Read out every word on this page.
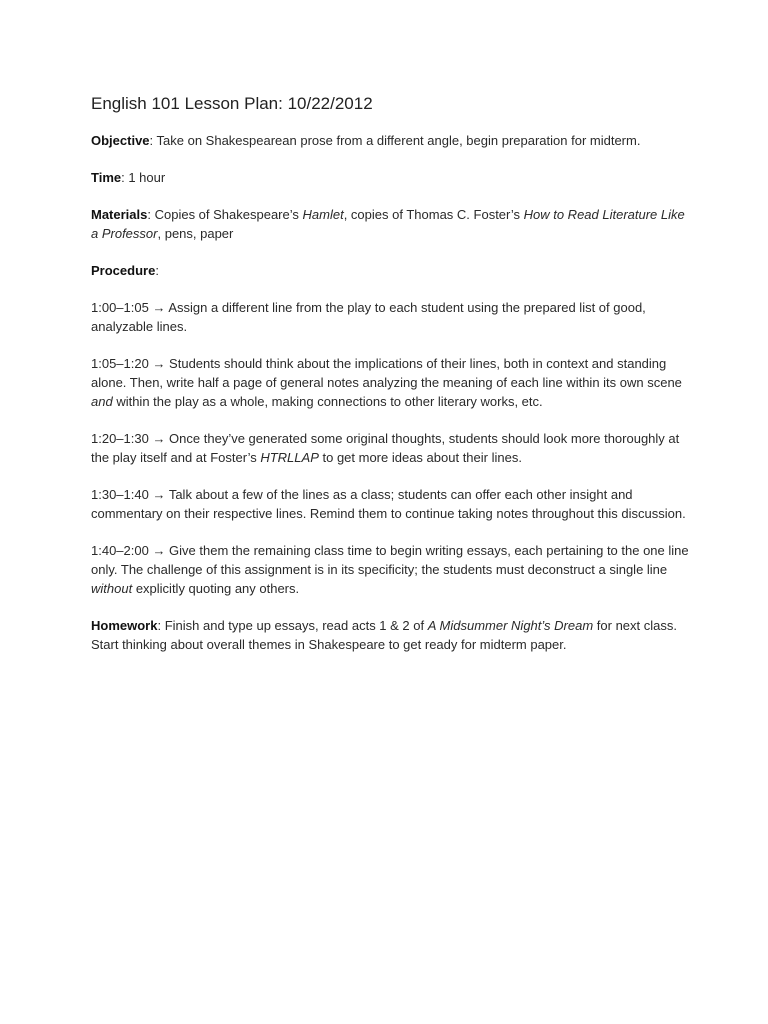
English 101 Lesson Plan: 10/22/2012

Objective: Take on Shakespearean prose from a different angle, begin preparation for midterm.

Time: 1 hour

Materials: Copies of Shakespeare’s Hamlet, copies of Thomas C. Foster’s How to Read Literature Like a Professor, pens, paper

Procedure:

1:00–1:05 → Assign a different line from the play to each student using the prepared list of good, analyzable lines.

1:05–1:20 → Students should think about the implications of their lines, both in context and standing alone. Then, write half a page of general notes analyzing the meaning of each line within its own scene and within the play as a whole, making connections to other literary works, etc.

1:20–1:30 → Once they’ve generated some original thoughts, students should look more thoroughly at the play itself and at Foster’s HTRLLAP to get more ideas about their lines.

1:30–1:40 → Talk about a few of the lines as a class; students can offer each other insight and commentary on their respective lines. Remind them to continue taking notes throughout this discussion.

1:40–2:00 → Give them the remaining class time to begin writing essays, each pertaining to the one line only. The challenge of this assignment is in its specificity; the students must deconstruct a single line without explicitly quoting any others.

Homework: Finish and type up essays, read acts 1 & 2 of A Midsummer Night’s Dream for next class. Start thinking about overall themes in Shakespeare to get ready for midterm paper.
